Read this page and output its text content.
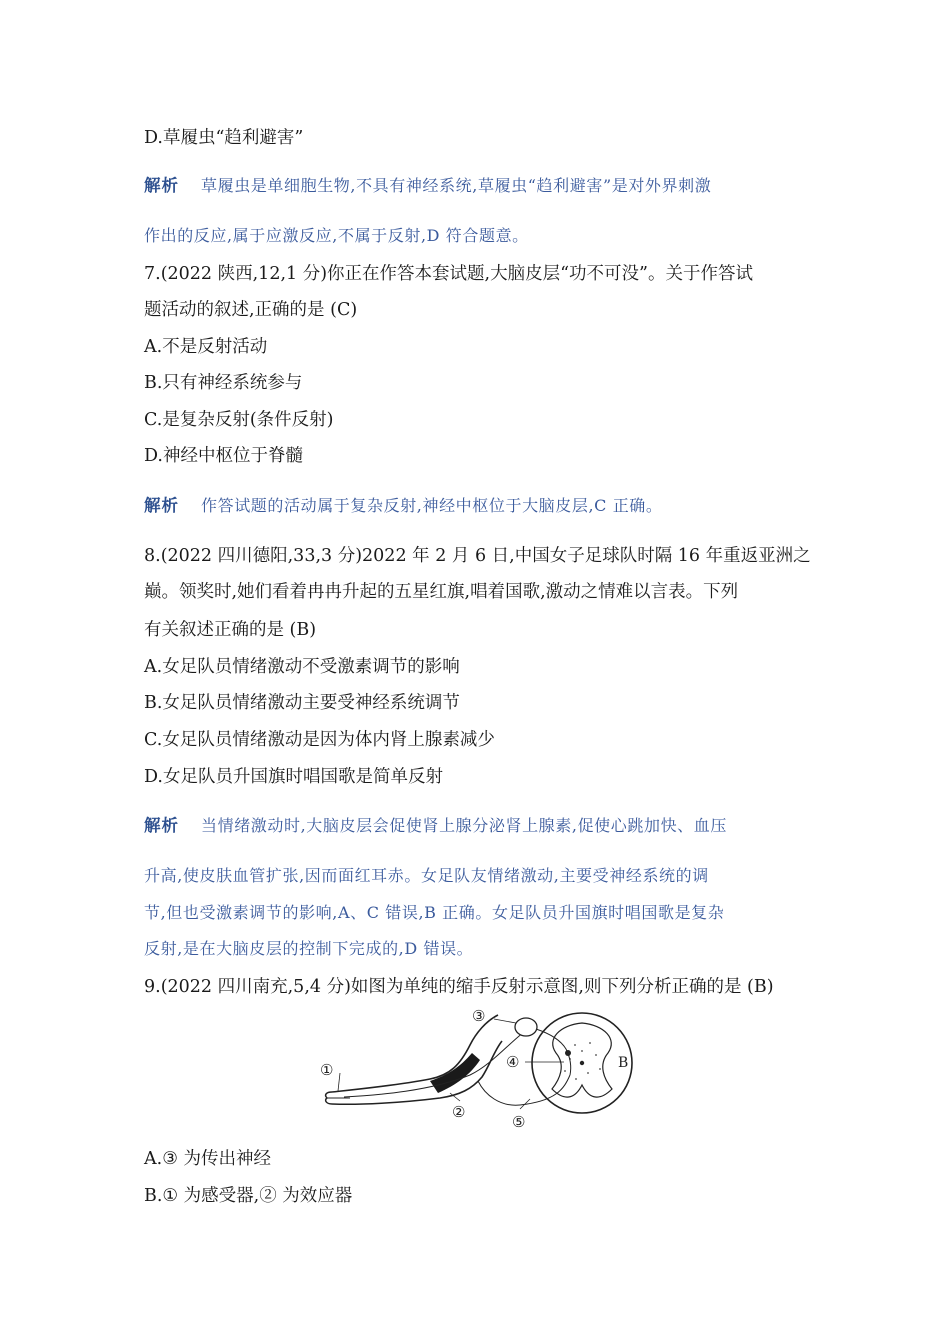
D.草履虫“趋利避害”
解析 草履虫是单细胞生物,不具有神经系统,草履虫“趋利避害”是对外界刺激
作出的反应,属于应激反应,不属于反射,D 符合题意。
7.(2022 陕西,12,1 分)你正在作答本套试题,大脑皮层“功不可没”。关于作答试
题活动的叙述,正确的是 (C)
A.不是反射活动
B.只有神经系统参与
C.是复杂反射(条件反射)
D.神经中枢位于脊髓
解析 作答试题的活动属于复杂反射,神经中枢位于大脑皮层,C 正确。
8.(2022 四川德阳,33,3 分)2022 年 2 月 6 日,中国女子足球队时隔 16 年重返亚洲之
巅。领奖时,她们看着冉冉升起的五星红旗,唱着国歌,激动之情难以言表。下列
有关叙述正确的是 (B)
A.女足队员情绪激动不受激素调节的影响
B.女足队员情绪激动主要受神经系统调节
C.女足队员情绪激动是因为体内肾上腺素减少
D.女足队员升国旗时唱国歌是简单反射
解析 当情绪激动时,大脑皮层会促使肾上腺分泌肾上腺素,促使心跳加快、血压
升高,使皮肤血管扩张,因而面红耳赤。女足队友情绪激动,主要受神经系统的调
节,但也受激素调节的影响,A、C 错误,B 正确。女足队员升国旗时唱国歌是复杂
反射,是在大脑皮层的控制下完成的,D 错误。
9.(2022 四川南充,5,4 分)如图为单纯的缩手反射示意图,则下列分析正确的是 (B)
A.③ 为传出神经
B.① 为感受器,② 为效应器
①
②
③
④
⑤
B
